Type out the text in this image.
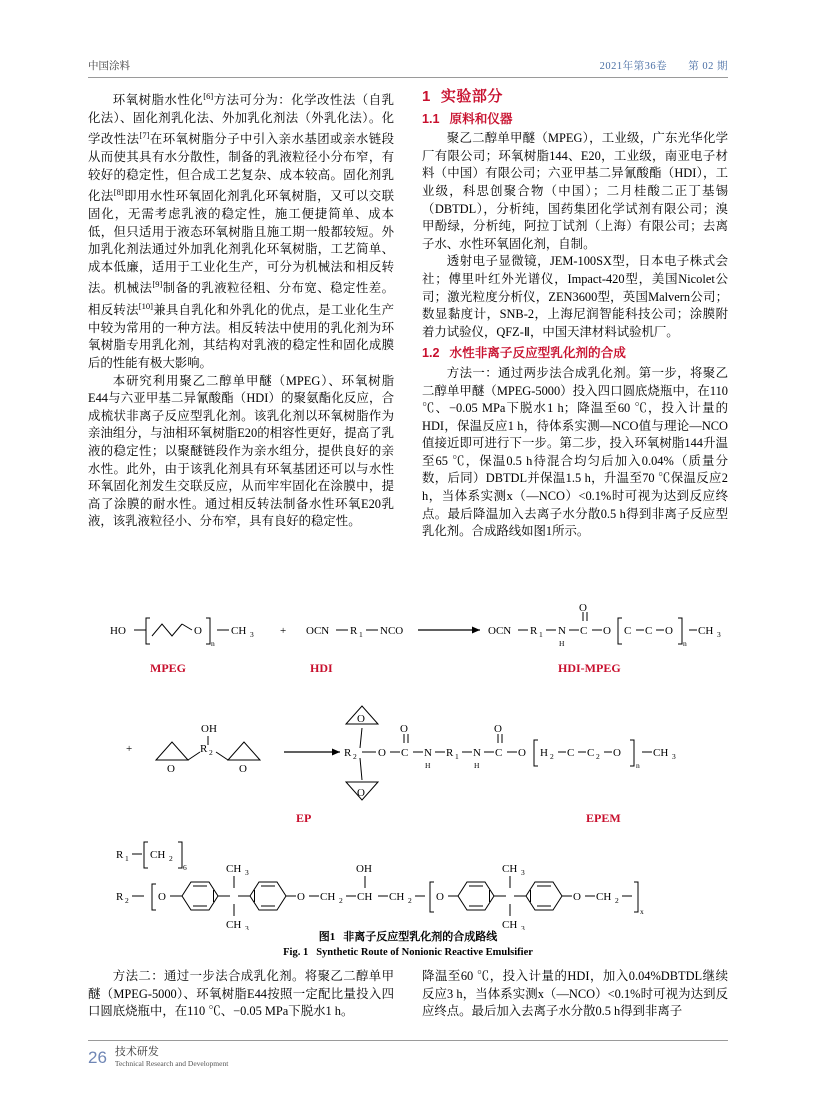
中国涂料	2021年第36卷 第 02 期

环氧树脂水性化[6]方法可分为：化学改性法（自乳化法）、固化剂乳化法、外加乳化剂法（外乳化法）。化学改性法[7]在环氧树脂分子中引入亲水基团或亲水链段从而使其具有水分散性，制备的乳液粒径小分布窄，有较好的稳定性，但合成工艺复杂、成本较高。固化剂乳化法[8]即用水性环氧固化剂乳化环氧树脂，又可以交联固化，无需考虑乳液的稳定性，施工便捷简单、成本低，但只适用于液态环氧树脂且施工期一般都较短。外加乳化剂法通过外加乳化剂乳化环氧树脂，工艺简单、成本低廉，适用于工业化生产，可分为机械法和相反转法。机械法[9]制备的乳液粒径粗、分布宽、稳定性差。相反转法[10]兼具自乳化和外乳化的优点，是工业化生产中较为常用的一种方法。相反转法中使用的乳化剂为环氧树脂专用乳化剂，其结构对乳液的稳定性和固化成膜后的性能有极大影响。

本研究利用聚乙二醇单甲醚（MPEG）、环氧树脂E44与六亚甲基二异氰酸酯（HDI）的聚氨酯化反应，合成梳状非离子反应型乳化剂。该乳化剂以环氧树脂作为亲油组分，与油相环氧树脂E20的相容性更好，提高了乳液的稳定性；以聚醚链段作为亲水组分，提供良好的亲水性。此外，由于该乳化剂具有环氧基团还可以与水性环氧固化剂发生交联反应，从而牢牢固化在涂膜中，提高了涂膜的耐水性。通过相反转法制备水性环氧E20乳液，该乳液粒径小、分布窄，具有良好的稳定性。

1 实验部分
1.1 原料和仪器

聚乙二醇单甲醚（MPEG），工业级，广东光华化学厂有限公司；环氧树脂144、E20，工业级，南亚电子材料（中国）有限公司；六亚甲基二异氰酸酯（HDI），工业级，科思创聚合物（中国）；二月桂酸二正丁基锡（DBTDL），分析纯，国药集团化学试剂有限公司；溴甲酚绿，分析纯，阿拉丁试剂（上海）有限公司；去离子水、水性环氧固化剂，自制。

透射电子显微镜，JEM-100SX型，日本电子株式会社；傅里叶红外光谱仪，Impact-420型，美国Nicolet公司；激光粒度分析仪，ZEN3600型，英国Malvern公司；数显黏度计，SNB-2，上海尼润智能科技公司；涂膜附着力试验仪，QFZ-Ⅱ，中国天津材料试验机厂。

1.2 水性非离子反应型乳化剂的合成

方法一：通过两步法合成乳化剂。第一步，将聚乙二醇单甲醚（MPEG-5000）投入四口圆底烧瓶中，在110 ℃、−0.05 MPa下脱水1 h；降温至60 ℃，投入计量的HDI，保温反应1 h，待体系实测—NCO值与理论—NCO值接近即可进行下一步。第二步，投入环氧树脂144升温至65 ℃，保温0.5 h待混合均匀后加入0.04%（质量分数，后同）DBTDL并保温1.5 h，升温至70 ℃保温反应2 h，当体系实测x（—NCO）<0.1%时可视为达到反应终点。最后降温加入去离子水分散0.5 h得到非离子反应型乳化剂。合成路线如图1所示。

HO	O
n
CH 3 + OCN R 1 NCO	OCN R 1 N
H
C
O
O C C O
n
CH 3
MPEG	HDI	HDI-MPEG
+
O
R 2
OH
O
O
R 2
O
O C
O
N
H
R 1 N
H
C
O
O H 2 C C 2 O
n
CH 3
EP	EPEM
R 1 CH 2
6
R 2	O
CH 3
CH 3
O CH 2 CH
OH
CH 2 O
CH 3
CH 3
O CH 2
x
图1 非离子反应型乳化剂的合成路线
Fig. 1 Synthetic Route of Nonionic Reactive Emulsifier

方法二：通过一步法合成乳化剂。将聚乙二醇单甲醚（MPEG-5000）、环氧树脂E44按照一定配比量投入四口圆底烧瓶中，在110 ℃、−0.05 MPa下脱水1 h。

降温至60 ℃，投入计量的HDI，加入0.04%DBTDL继续反应3 h，当体系实测x（—NCO）<0.1%时可视为达到反应终点。最后加入去离子水分散0.5 h得到非离子

26 技术研发
Technical Research and Development
